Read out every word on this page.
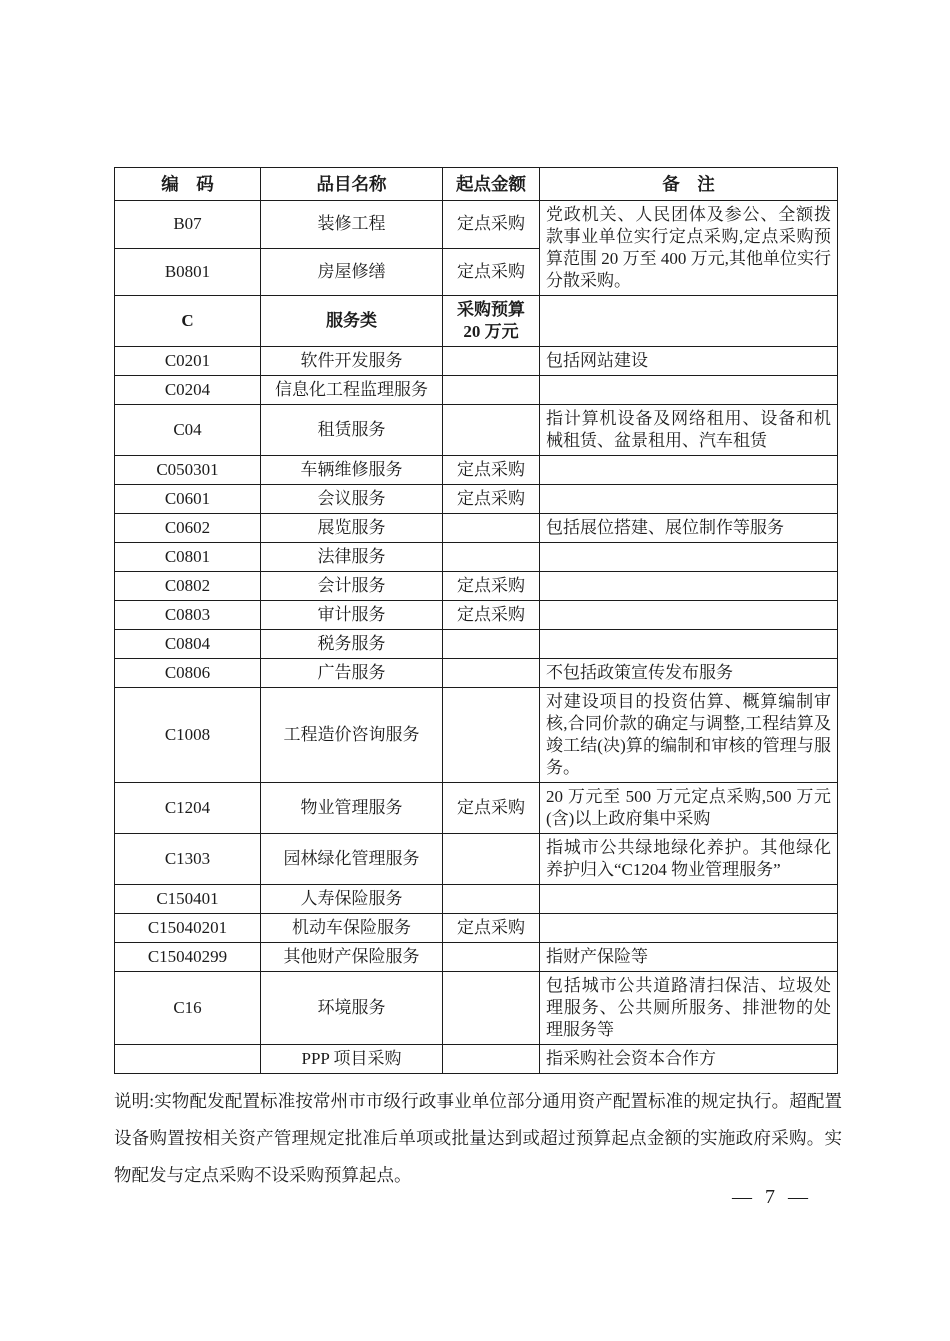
编　码	品目名称	起点金额	备　注
B07	装修工程	定点采购	党政机关、人民团体及参公、全额拨款事业单位实行定点采购,定点采购预算范围 20 万至 400 万元,其他单位实行分散采购。
B0801	房屋修缮	定点采购	
C	服务类	采购预算 20 万元	
C0201	软件开发服务		包括网站建设
C0204	信息化工程监理服务		
C04	租赁服务		指计算机设备及网络租用、设备和机械租赁、盆景租用、汽车租赁
C050301	车辆维修服务	定点采购	
C0601	会议服务	定点采购	
C0602	展览服务		包括展位搭建、展位制作等服务
C0801	法律服务		
C0802	会计服务	定点采购	
C0803	审计服务	定点采购	
C0804	税务服务		
C0806	广告服务		不包括政策宣传发布服务
C1008	工程造价咨询服务		对建设项目的投资估算、概算编制审核,合同价款的确定与调整,工程结算及竣工结(决)算的编制和审核的管理与服务。
C1204	物业管理服务	定点采购	20 万元至 500 万元定点采购,500 万元(含)以上政府集中采购
C1303	园林绿化管理服务		指城市公共绿地绿化养护。其他绿化养护归入“C1204 物业管理服务”
C150401	人寿保险服务		
C15040201	机动车保险服务	定点采购	
C15040299	其他财产保险服务		指财产保险等
C16	环境服务		包括城市公共道路清扫保洁、垃圾处理服务、公共厕所服务、排泄物的处理服务等
	PPP 项目采购		指采购社会资本合作方
说明:实物配发配置标准按常州市市级行政事业单位部分通用资产配置标准的规定执行。超配置设备购置按相关资产管理规定批准后单项或批量达到或超过预算起点金额的实施政府采购。实物配发与定点采购不设采购预算起点。
— 7 —
